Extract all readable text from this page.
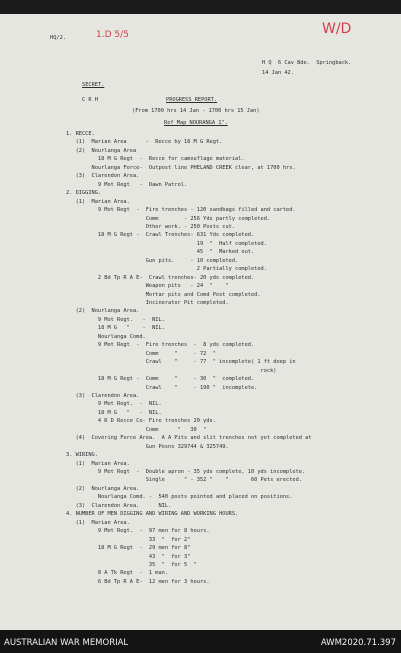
HQ/2.	1.D 5/5	W/D
H Q  6 Cav Bde.  Springback.
14 Jan 42.
SECRET.
C R H	PROGRESS REPORT.
(From 1700 hrs 14 Jan - 1700 hrs 15 Jan)
Ref Map NOURANGA 1".
1. RECCE.
(1)  Marian Area      -  Recce by 18 M G Regt.
(2)  Nourlanga Area
18 M G Regt  -  Recce for camouflage material.
Nourlanga Force-  Outpost line PHELAND CREEK clear, at 1700 hrs.
(3)  Clarendon Area.
9 Mot Regt   -  Dawn Patrol.
2. DIGGING.
(1)  Marian Area.
9 Mot Regt  -  Fire trenches - 120 sandbags filled and carted.
Comm        - 256 Yds partly completed.
Other work. - 250 Posts cut.
18 M G Regt -  Crawl Trenches- 631 Yds completed.
19  "  Half completed.
45  "  Marked out.
Gun pits.     - 10 completed.
2 Partially completed.
2 Bd Tp R A E-  Crawl trenches- 20 yds completed.
Weapon pits   - 24  "    "
Mortar pits and Comd Post completed.
Incinerator Pit completed.
(2)  Nourlanga Area.
9 Mot Regt.   -  NIL.
18 M G   "    -  NIL.
Nourlanga Comd.
9 Mot Regt  -  Fire trenches  -  8 yds completed.
Comm     "     - 72  "
Crawl    "     - 77  " incomplete( 1 ft deep in
rock)
18 M G Regt -  Comm     "     - 30  "  completed.
Crawl    "     - 190 "  incomplete.
(3)  Clarendon Area.
9 Mot Regt.  -  NIL.
18 M G   "   -  NIL.
4 R D Recce Co- Fire trenches 20 yds.
Comm      "   30  "
(4)  Covering Force Area.  A A Pits and slit trenches not yet completed at
Gun Posns 329744 & 325749.
3. WIRING.
(1)  Marian Area.
9 Mot Regt  -  Double apron - 35 yds complete, 10 yds incomplete.
Single      " - 352 "    "       60 Pets erected.
(2)  Nourlanga Area.
Nourlanga Comd. -  540 posts pointed and placed on positions.
(3)  Clarendon Area.      NIL.
4. NUMBER OF MEN DIGGING AND WIRING AND WORKING HOURS.
(1)  Marian Area.
9 Mot Regt.  -  97 men for 8 hours.
33  "  for 2"
18 M G Regt  -  29 men for 8"
43  "  for 3"
35  "  for 5  "
8 A Tk Regt  -  1 man.
6 Bd Tp R A E-  12 men for 3 hours.
AUSTRALIAN WAR MEMORIAL	AWM2020.71.397
